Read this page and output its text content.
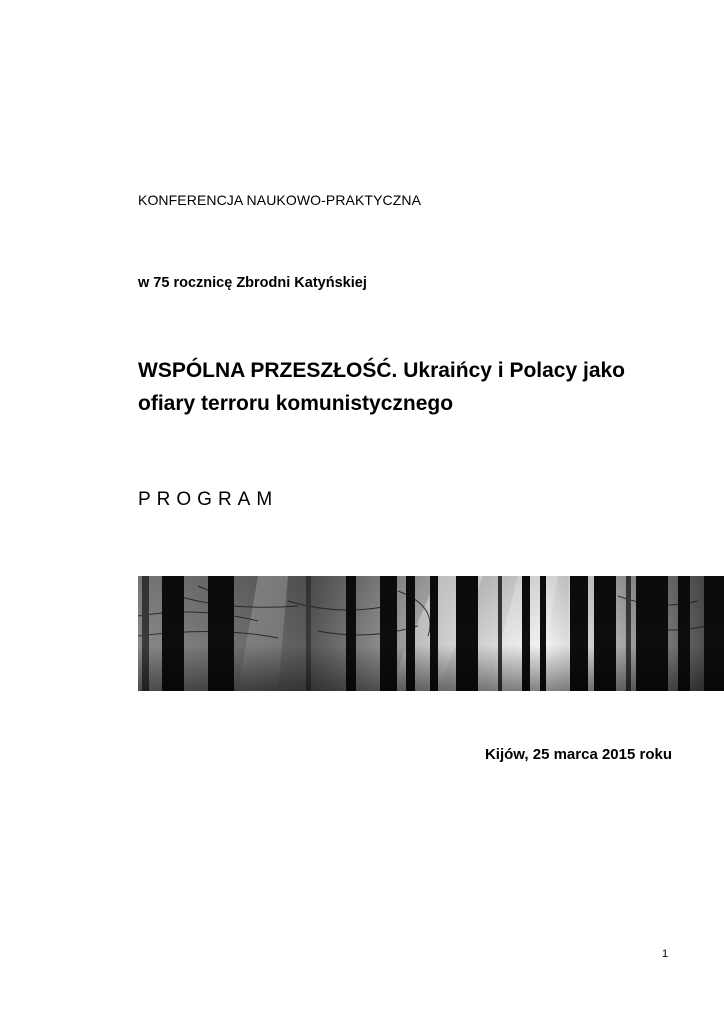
KONFERENCJA NAUKOWO-PRAKTYCZNA
w 75 rocznicę Zbrodni Katyńskiej
WSPÓLNA PRZESZŁOŚĆ. Ukraińcy i Polacy jako
ofiary terroru komunistycznego
PROGRAM
Kijów, 25 marca 2015 roku
1
